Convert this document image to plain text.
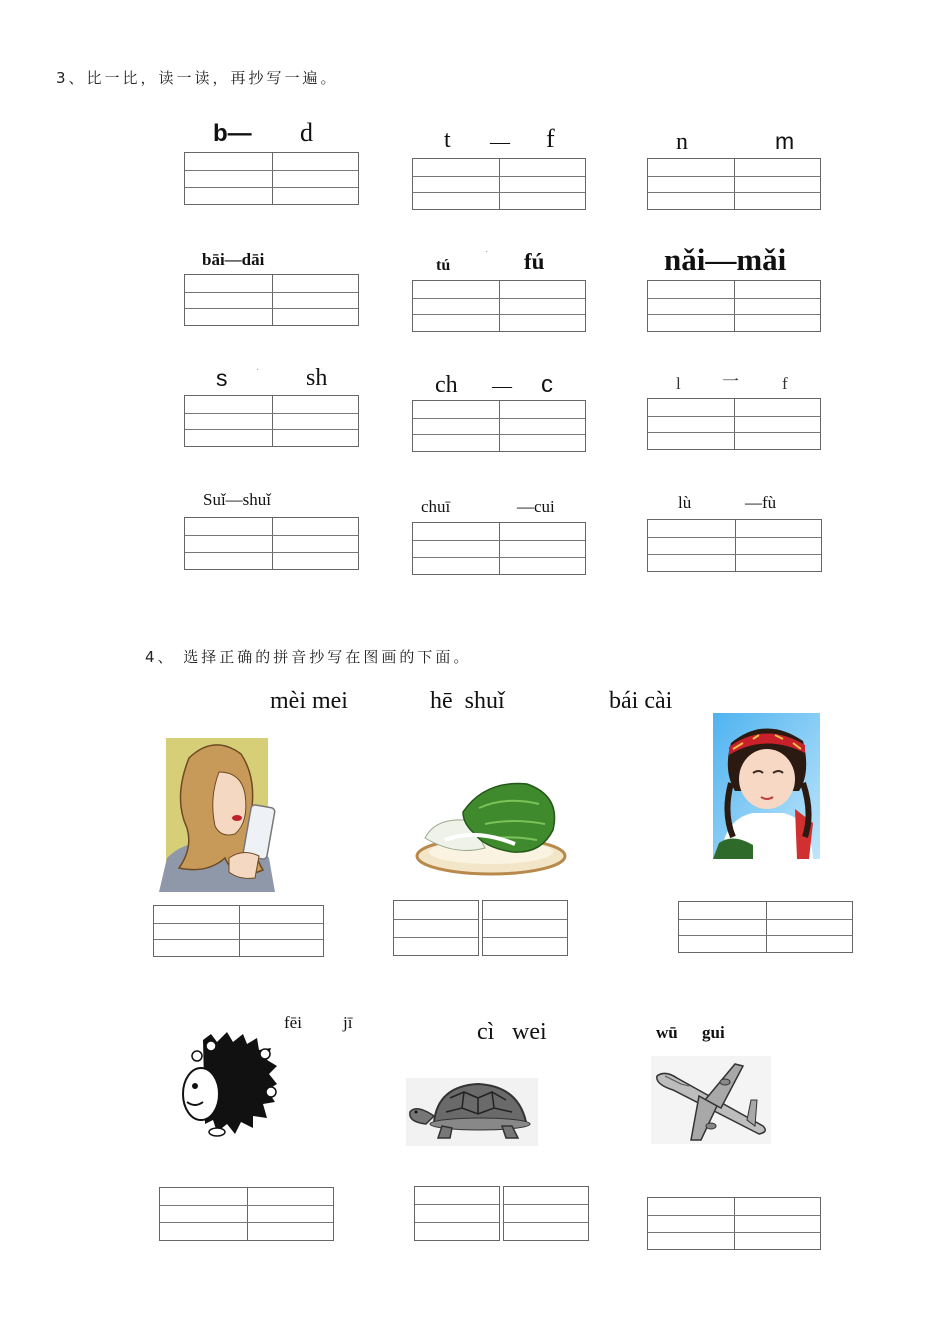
3、比一比，读一读，再抄写一遍。
b— d	t — f	n	m
bāi—dāi	tú
· fú	nǎi—mǎi
s	· sh	ch — c	l 一	f
Suǐ—shuǐ	chuī	—cui	lù	—fù
4、 选择正确的拼音抄写在图画的下面。
mèi mei	hē  shuǐ	bái cài
fēi jī	cì wei	wū gui
